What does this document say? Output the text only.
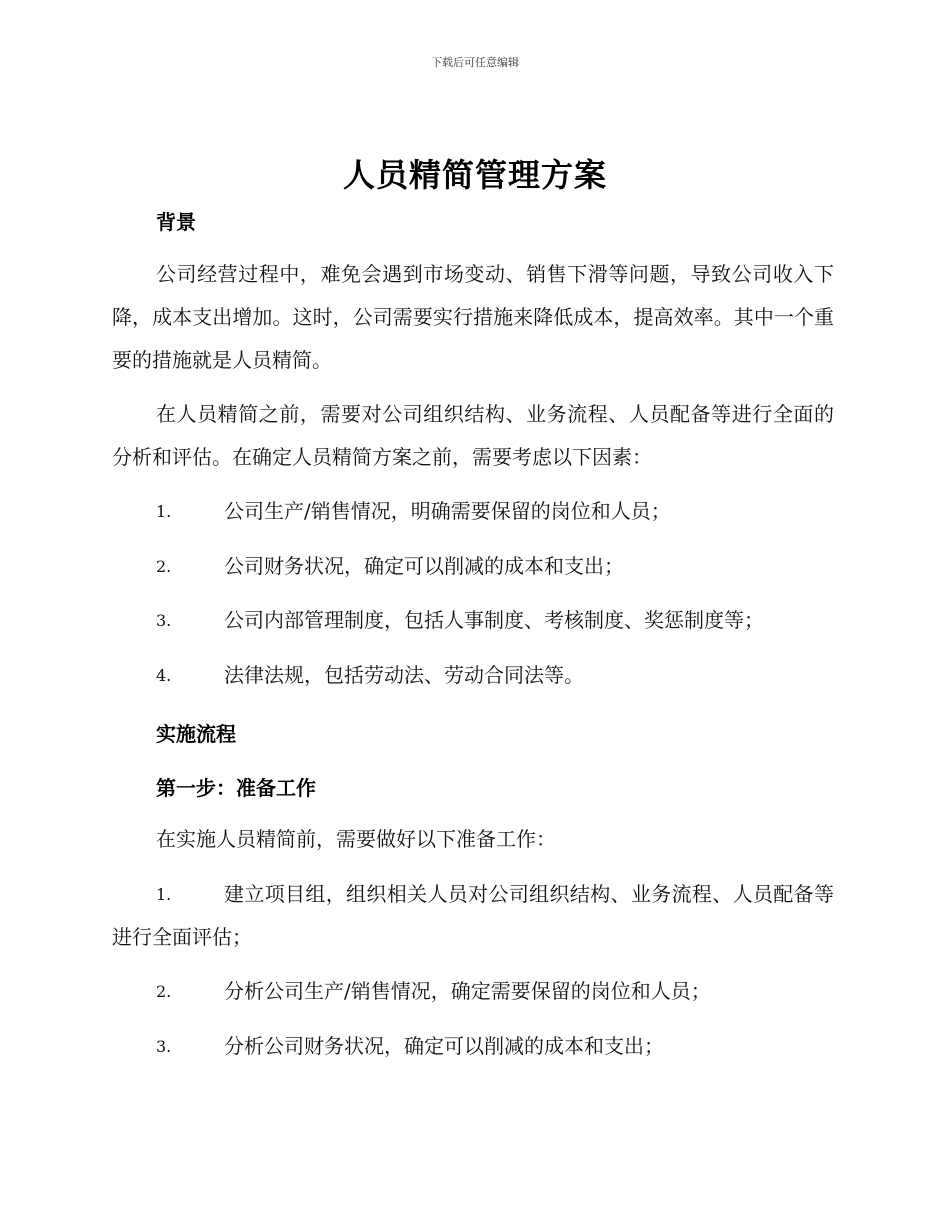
下载后可任意编辑
人员精简管理方案
背景
公司经营过程中，难免会遇到市场变动、销售下滑等问题，导致公司收入下降，成本支出增加。这时，公司需要实行措施来降低成本，提高效率。其中一个重要的措施就是人员精简。
在人员精简之前，需要对公司组织结构、业务流程、人员配备等进行全面的分析和评估。在确定人员精简方案之前，需要考虑以下因素：
1.	公司生产/销售情况，明确需要保留的岗位和人员；
2.	公司财务状况，确定可以削减的成本和支出；
3.	公司内部管理制度，包括人事制度、考核制度、奖惩制度等；
4.	法律法规，包括劳动法、劳动合同法等。
实施流程
第一步：准备工作
在实施人员精简前，需要做好以下准备工作：
1.	建立项目组，组织相关人员对公司组织结构、业务流程、人员配备等进行全面评估；
2.	分析公司生产/销售情况，确定需要保留的岗位和人员；
3.	分析公司财务状况，确定可以削减的成本和支出；
